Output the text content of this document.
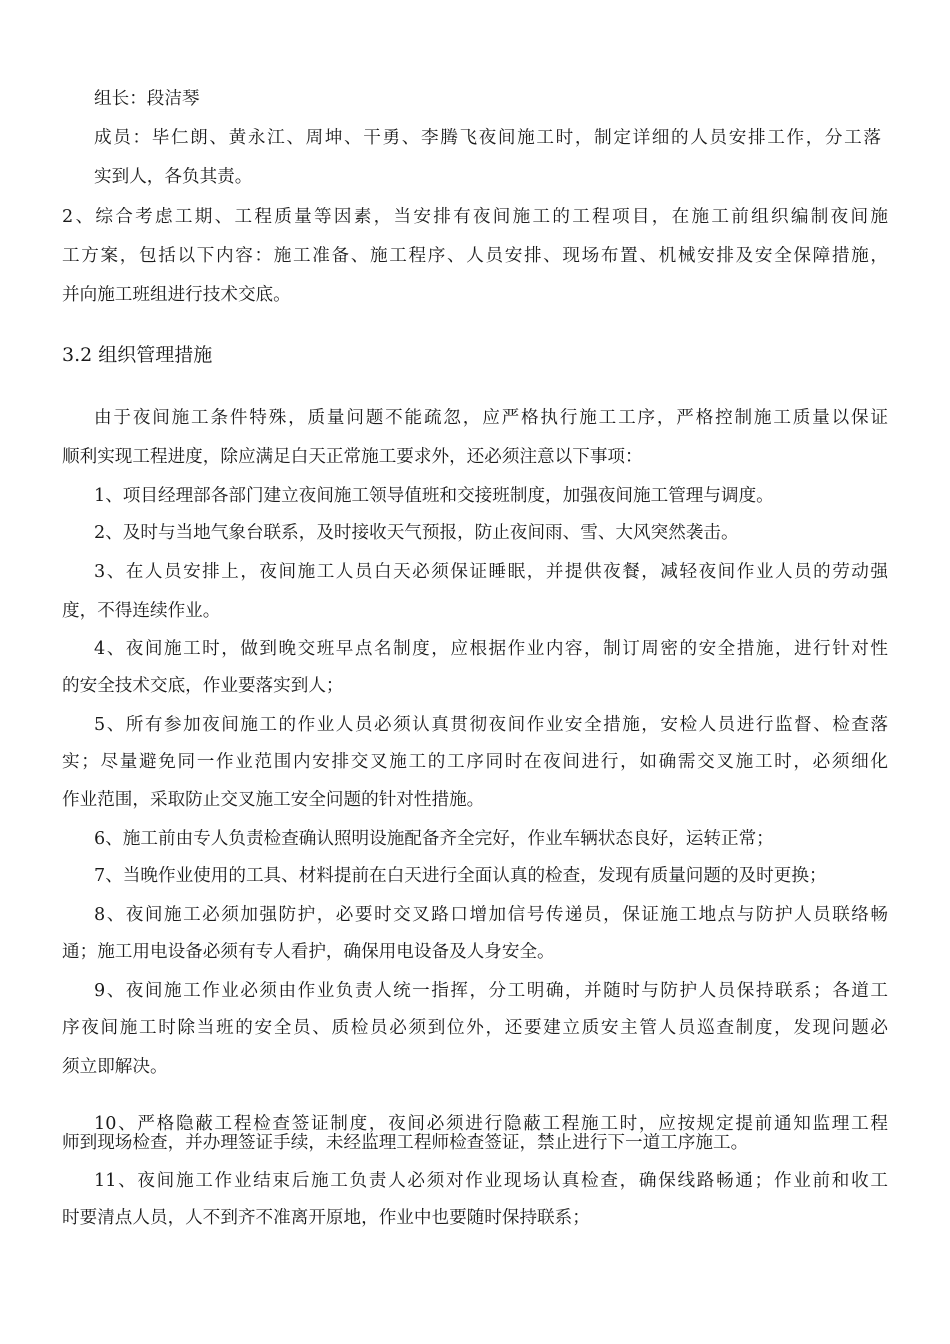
组长：段洁琴
成员：毕仁朗、黄永江、周坤、干勇、李腾飞夜间施工时，制定详细的人员安排工作，分工落
实到人，各负其责。
2、综合考虑工期、工程质量等因素，当安排有夜间施工的工程项目，在施工前组织编制夜间施
工方案，包括以下内容：施工准备、施工程序、人员安排、现场布置、机械安排及安全保障措施，
并向施工班组进行技术交底。
3.2 组织管理措施
由于夜间施工条件特殊，质量问题不能疏忽，应严格执行施工工序，严格控制施工质量以保证
顺利实现工程进度，除应满足白天正常施工要求外，还必须注意以下事项：
1、项目经理部各部门建立夜间施工领导值班和交接班制度，加强夜间施工管理与调度。
2、及时与当地气象台联系，及时接收天气预报，防止夜间雨、雪、大风突然袭击。
3、在人员安排上，夜间施工人员白天必须保证睡眠，并提供夜餐，减轻夜间作业人员的劳动强
度，不得连续作业。
4、夜间施工时，做到晚交班早点名制度，应根据作业内容，制订周密的安全措施，进行针对性
的安全技术交底，作业要落实到人；
5、所有参加夜间施工的作业人员必须认真贯彻夜间作业安全措施，安检人员进行监督、检查落
实；尽量避免同一作业范围内安排交叉施工的工序同时在夜间进行，如确需交叉施工时，必须细化
作业范围，采取防止交叉施工安全问题的针对性措施。
6、施工前由专人负责检查确认照明设施配备齐全完好，作业车辆状态良好，运转正常；
7、当晚作业使用的工具、材料提前在白天进行全面认真的检查，发现有质量问题的及时更换；
8、夜间施工必须加强防护，必要时交叉路口增加信号传递员，保证施工地点与防护人员联络畅
通；施工用电设备必须有专人看护，确保用电设备及人身安全。
9、夜间施工作业必须由作业负责人统一指挥，分工明确，并随时与防护人员保持联系；各道工
序夜间施工时除当班的安全员、质检员必须到位外，还要建立质安主管人员巡查制度，发现问题必
须立即解决。
10、严格隐蔽工程检查签证制度，夜间必须进行隐蔽工程施工时，应按规定提前通知监理工程
师到现场检查，并办理签证手续，未经监理工程师检查签证，禁止进行下一道工序施工。
11、夜间施工作业结束后施工负责人必须对作业现场认真检查，确保线路畅通；作业前和收工
时要清点人员，人不到齐不准离开原地，作业中也要随时保持联系；
